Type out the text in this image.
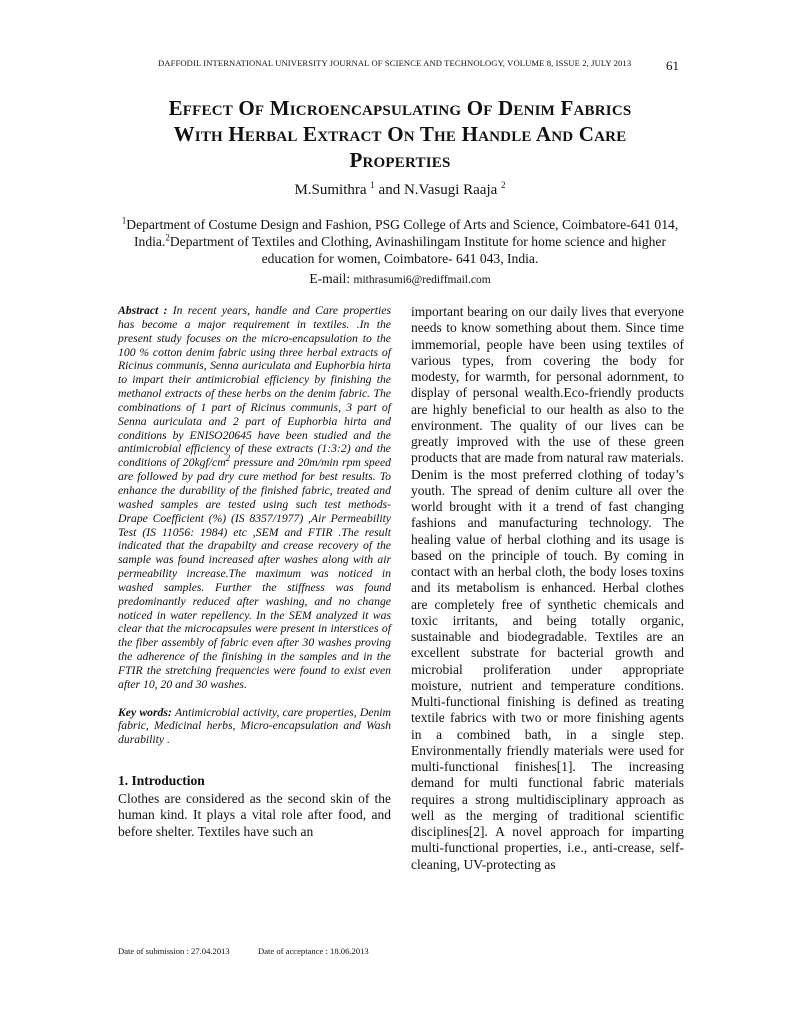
DAFFODIL INTERNATIONAL UNIVERSITY JOURNAL OF SCIENCE AND TECHNOLOGY, VOLUME 8, ISSUE 2, JULY 2013	61
Effect Of Microencapsulating Of Denim Fabrics
With Herbal Extract On The Handle And Care
Properties
M.Sumithra $^1$ and N.Vasugi Raaja $^2$
$^1$Department of Costume Design and Fashion, PSG College of Arts and Science, Coimbatore-641 014, India.$^2$Department of Textiles and Clothing, Avinashilingam Institute for home science and higher education for women, Coimbatore- 641 043, India.
E-mail: mithrasumi6@rediffmail.com

Abstract : In recent years, handle and Care properties has become a major requirement in textiles. .In the present study focuses on the micro-encapsulation to the 100 % cotton denim fabric using three herbal extracts of Ricinus communis, Senna auriculata and Euphorbia hirta to impart their antimicrobial efficiency by finishing the methanol extracts of these herbs on the denim fabric. The combinations of 1 part of Ricinus communis, 3 part of Senna auriculata and 2 part of Euphorbia hirta and conditions by ENISO20645 have been studied and the antimicrobial efficiency of these extracts (1:3:2) and the conditions of $20kgf/cm^2$ pressure and 20m/min rpm speed are followed by pad dry cure method for best results. To enhance the durability of the finished fabric, treated and washed samples are tested using such test methods- Drape Coefficient (%) (IS 8357/1977) ,Air Permeability Test (IS 11056: 1984) etc ,SEM and FTIR .The result indicated that the drapabilty and crease recovery of the sample was found increased after washes along with air permeability increase.The maximum was noticed in washed samples. Further the stiffness was found predominantly reduced after washing, and no change noticed in water repellency. In the SEM analyzed it was clear that the microcapsules were present in interstices of the fiber assembly of fabric even after 30 washes proving the adherence of the finishing in the samples and in the FTIR the stretching frequencies were found to exist even after 10, 20 and 30 washes.

Key words: Antimicrobial activity, care properties, Denim fabric, Medicinal herbs, Micro-encapsulation and Wash durability .

1. Introduction

Clothes are considered as the second skin of the human kind. It plays a vital role after food, and before shelter. Textiles have such an

important bearing on our daily lives that everyone needs to know something about them. Since time immemorial, people have been using textiles of various types, from covering the body for modesty, for warmth, for personal adornment, to display of personal wealth.Eco-friendly products are highly beneficial to our health as also to the environment. The quality of our lives can be greatly improved with the use of these green products that are made from natural raw materials.

Denim is the most preferred clothing of today’s youth. The spread of denim culture all over the world brought with it a trend of fast changing fashions and manufacturing technology. The healing value of herbal clothing and its usage is based on the principle of touch. By coming in contact with an herbal cloth, the body loses toxins and its metabolism is enhanced. Herbal clothes are completely free of synthetic chemicals and toxic irritants, and being totally organic, sustainable and biodegradable. Textiles are an excellent substrate for bacterial growth and microbial proliferation under appropriate moisture, nutrient and temperature conditions. Multi-functional finishing is defined as treating textile fabrics with two or more finishing agents in a combined bath, in a single step. Environmentally friendly materials were used for multi-functional finishes[1]. The increasing demand for multi functional fabric materials requires a strong multidisciplinary approach as well as the merging of traditional scientific disciplines[2]. A novel approach for imparting multi-functional properties, i.e., anti-crease, self-cleaning, UV-protecting as

Date of submission : 27.04.2013	Date of acceptance : 18.06.2013
